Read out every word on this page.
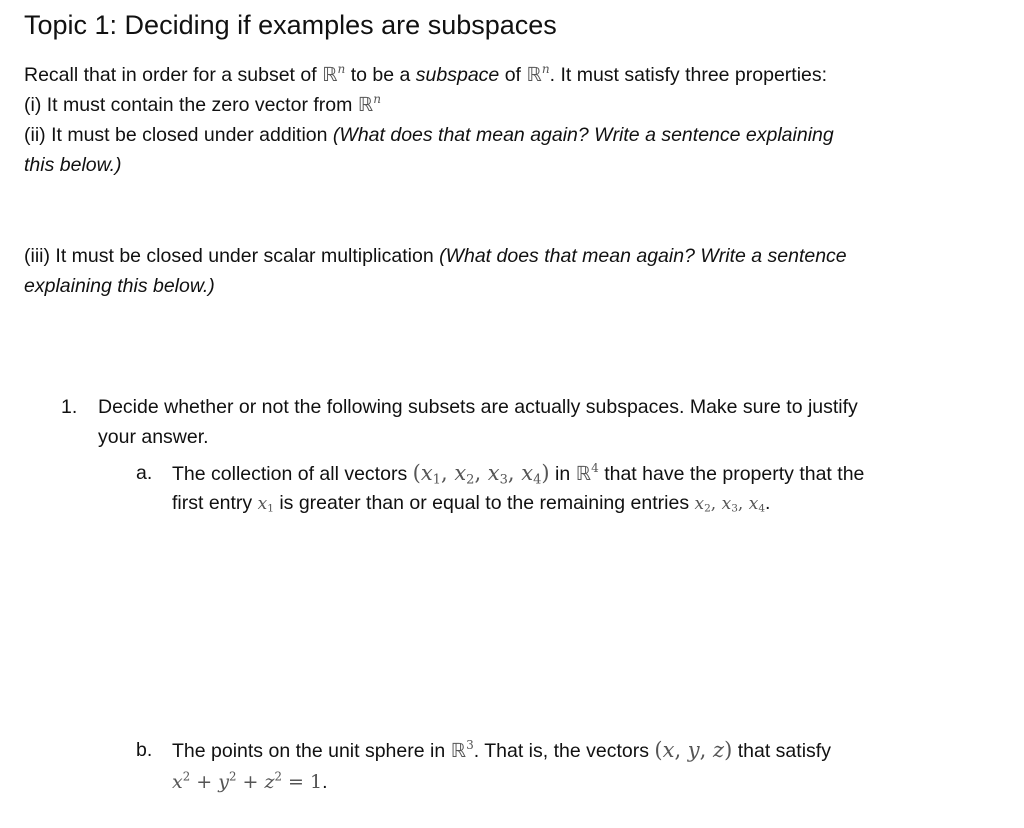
Topic 1: Deciding if examples are subspaces
Recall that in order for a subset of ℝ$^n$ to be a subspace of ℝ$^n$. It must satisfy three properties:
(i) It must contain the zero vector from ℝ$^n$
(ii) It must be closed under addition (What does that mean again? Write a sentence explaining
this below.)
(iii) It must be closed under scalar multiplication (What does that mean again? Write a sentence
explaining this below.)
1. Decide whether or not the following subsets are actually subspaces. Make sure to justify
your answer.
a. The collection of all vectors ($x_1$, $x_2$, $x_3$, $x_4$) in ℝ$^4$ that have the property that the
first entry $x_1$ is greater than or equal to the remaining entries $x_2$, $x_3$, $x_4$.
b. The points on the unit sphere in ℝ$^3$. That is, the vectors (x, y, z) that satisfy
$x^2 + y^2 + z^2 = 1$.
